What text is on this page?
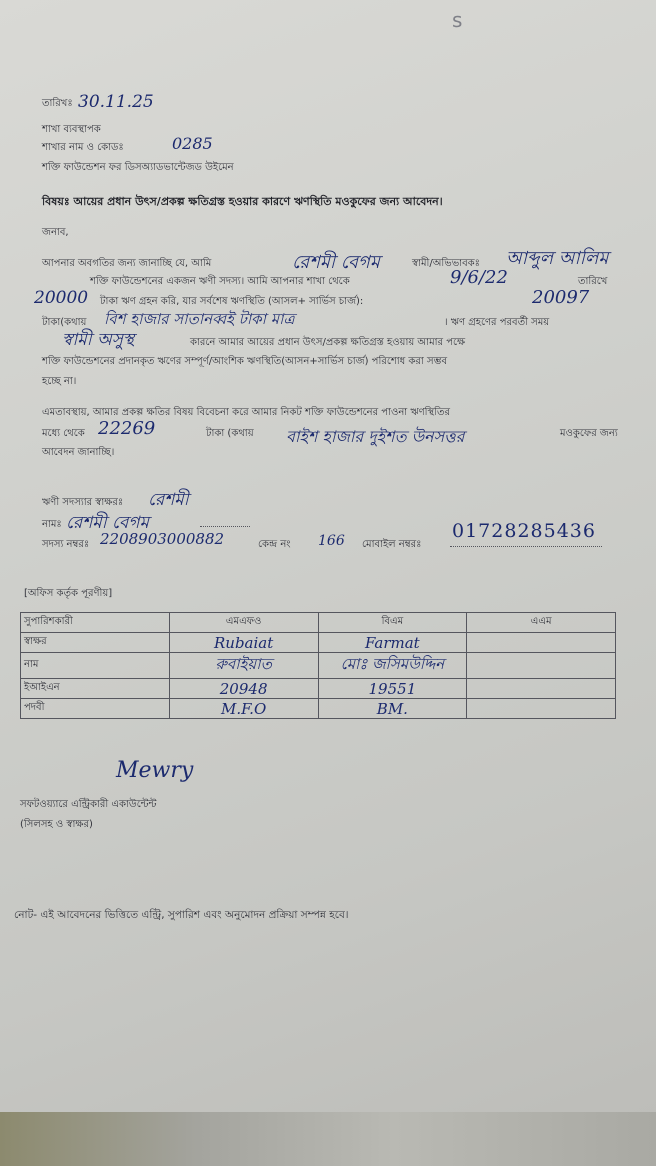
s
তারিখঃ 30.11.25
শাখা ব্যবস্থাপক
শাখার নাম ও কোডঃ	0285
শক্তি ফাউন্ডেশন ফর ডিসঅ্যাডভান্টেজড উইমেন
বিষয়ঃ আয়ের প্রধান উৎস/প্রকল্প ক্ষতিগ্রস্ত হওয়ার কারণে ঋণস্থিতি মওকুফের জন্য আবেদন।
জনাব,
আপনার অবগতির জন্য জানাচ্ছি যে, আমি	রেশমী বেগম	স্বামী/অভিভাবকঃ আব্দুল আলিম
শক্তি ফাউন্ডেশনের একজন ঋণী সদস্য। আমি আপনার শাখা থেকে	9/6/22	তারিখে
20000 টাকা ঋণ গ্রহন করি, যার সর্বশেষ ঋণস্থিতি (আসল+ সার্ভিস চার্জ):	20097
টাকা(কথায় বিশ হাজার সাতানব্বই টাকা মাত্র	। ঋণ গ্রহণের পরবর্তী সময়
স্বামী অসুস্থ	কারনে আমার আয়ের প্রধান উৎস/প্রকল্প ক্ষতিগ্রস্ত হওয়ায় আমার পক্ষে
শক্তি ফাউন্ডেশনের প্রদানকৃত ঋণের সম্পূর্ণ/আংশিক ঋণস্থিতি(আসন+সার্ভিস চার্জ) পরিশোধ করা সম্ভব
হচ্ছে না।
এমতাবস্থায়, আমার প্রকল্প ক্ষতির বিষয় বিবেচনা করে আমার নিকট শক্তি ফাউন্ডেশনের পাওনা ঋণস্থিতির
মধ্যে থেকে 22269	টাকা (কথায় বাইশ হাজার দুইশত উনসত্তর	মওকুফের জন্য
আবেদন জানাচ্ছি।
ঋণী সদস্যার স্বাক্ষরঃ রেশমী
নামঃ রেশমী বেগম
সদস্য নম্বরঃ 2208903000882	কেন্দ্র নং 166 মোবাইল নম্বরঃ
01728285436
[অফিস কর্তৃক পূরণীয়]
সুপারিশকারী	এমএফও	বিএম	এএম
স্বাক্ষর	Rubaiat	Farmat	
নাম	রুবাইয়াত	মোঃ জসিমউদ্দিন	
ইআইএন	20948	19551	
পদবী	M.F.O	BM.	
Mewry
সফটওয়্যারে এন্ট্রিকারী একাউন্টেন্ট
(সিলসহ ও স্বাক্ষর)
নোট- এই আবেদনের ভিত্তিতে এন্ট্রি, সুপারিশ এবং অনুমোদন প্রক্রিয়া সম্পন্ন হবে।
